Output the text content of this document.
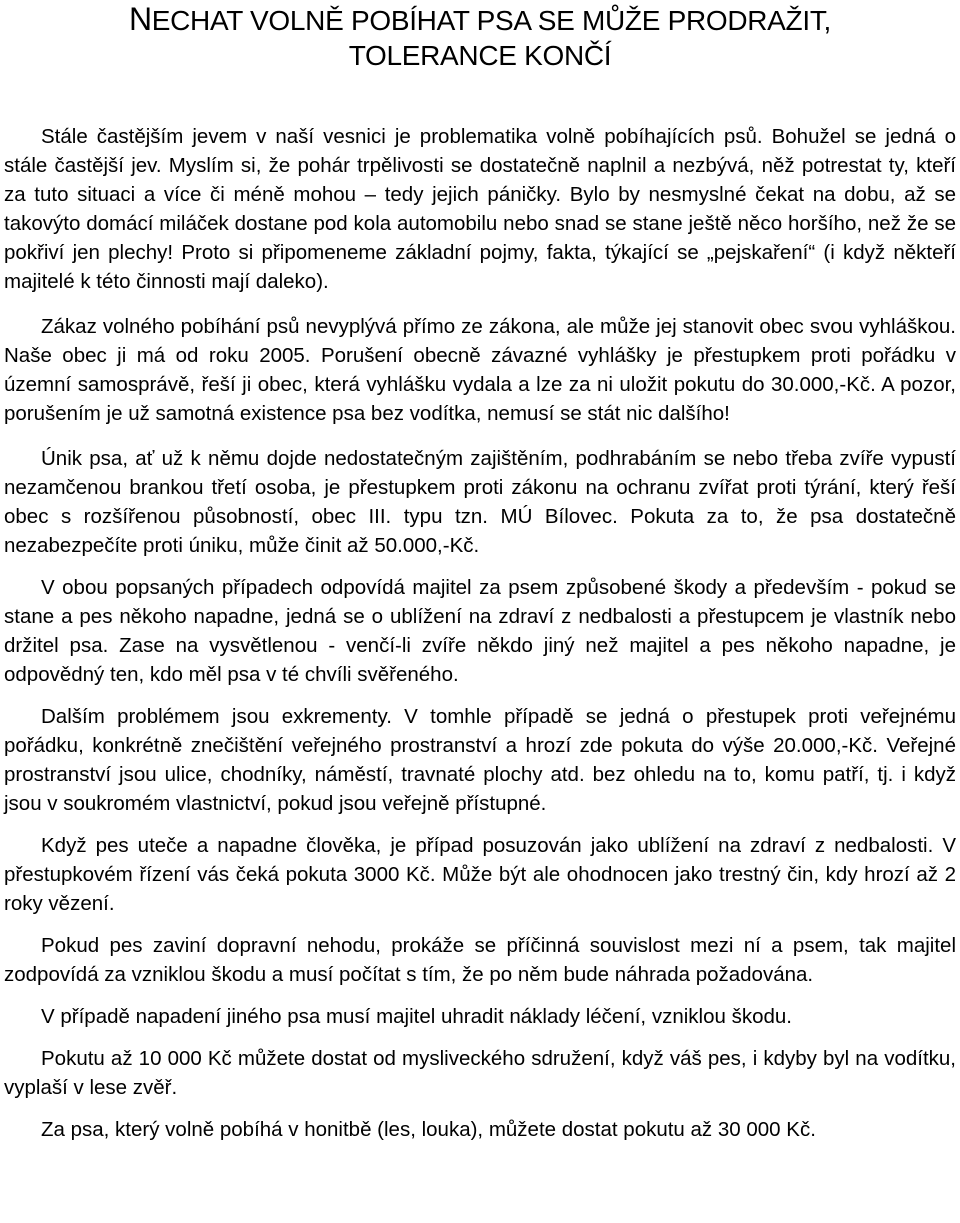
NECHAT VOLNĚ POBÍHAT PSA SE MŮŽE PRODRAŽIT,
TOLERANCE KONČÍ

Stále častějším jevem v naší vesnici je problematika volně pobíhajících psů. Bohužel se jedná o stále častější jev. Myslím si, že pohár trpělivosti se dostatečně naplnil a nezbývá, něž potrestat ty, kteří za tuto situaci a více či méně mohou – tedy jejich páničky. Bylo by nesmyslné čekat na dobu, až se takovýto domácí miláček dostane pod kola automobilu nebo snad se stane ještě něco horšího, než že se pokřiví jen plechy! Proto si připomeneme základní pojmy, fakta, týkající se „pejskaření“ (i když někteří majitelé k této činnosti mají daleko).

Zákaz volného pobíhání psů nevyplývá přímo ze zákona, ale může jej stanovit obec svou vyhláškou. Naše obec ji má od roku 2005. Porušení obecně závazné vyhlášky je přestupkem proti pořádku v územní samosprávě, řeší ji obec, která vyhlášku vydala a lze za ni uložit pokutu do 30.000,-Kč. A pozor, porušením je už samotná existence psa bez vodítka, nemusí se stát nic dalšího!

Únik psa, ať už k němu dojde nedostatečným zajištěním, podhrabáním se nebo třeba zvíře vypustí nezamčenou brankou třetí osoba, je přestupkem proti zákonu na ochranu zvířat proti týrání, který řeší obec s rozšířenou působností, obec III. typu tzn. MÚ Bílovec. Pokuta za to, že psa dostatečně nezabezpečíte proti úniku, může činit až 50.000,-Kč.

V obou popsaných případech odpovídá majitel za psem způsobené škody a především - pokud se stane a pes někoho napadne, jedná se o ublížení na zdraví z nedbalosti a přestupcem je vlastník nebo držitel psa. Zase na vysvětlenou - venčí-li zvíře někdo jiný než majitel a pes někoho napadne, je odpovědný ten, kdo měl psa v té chvíli svěřeného.

Dalším problémem jsou exkrementy. V tomhle případě se jedná o přestupek proti veřejnému pořádku, konkrétně znečištění veřejného prostranství a hrozí zde pokuta do výše 20.000,-Kč. Veřejné prostranství jsou ulice, chodníky, náměstí, travnaté plochy atd. bez ohledu na to, komu patří, tj. i když jsou v soukromém vlastnictví, pokud jsou veřejně přístupné.

Když pes uteče a napadne člověka, je případ posuzován jako ublížení na zdraví z nedbalosti. V přestupkovém řízení vás čeká pokuta 3000 Kč. Může být ale ohodnocen jako trestný čin, kdy hrozí až 2 roky vězení.

Pokud pes zaviní dopravní nehodu, prokáže se příčinná souvislost mezi ní a psem, tak majitel zodpovídá za vzniklou škodu a musí počítat s tím, že po něm bude náhrada požadována.

V případě napadení jiného psa musí majitel uhradit náklady léčení, vzniklou škodu.

Pokutu až 10 000 Kč můžete dostat od mysliveckého sdružení, když váš pes, i kdyby byl na vodítku, vyplaší v lese zvěř.

Za psa, který volně pobíhá v honitbě (les, louka), můžete dostat pokutu až 30 000 Kč.
